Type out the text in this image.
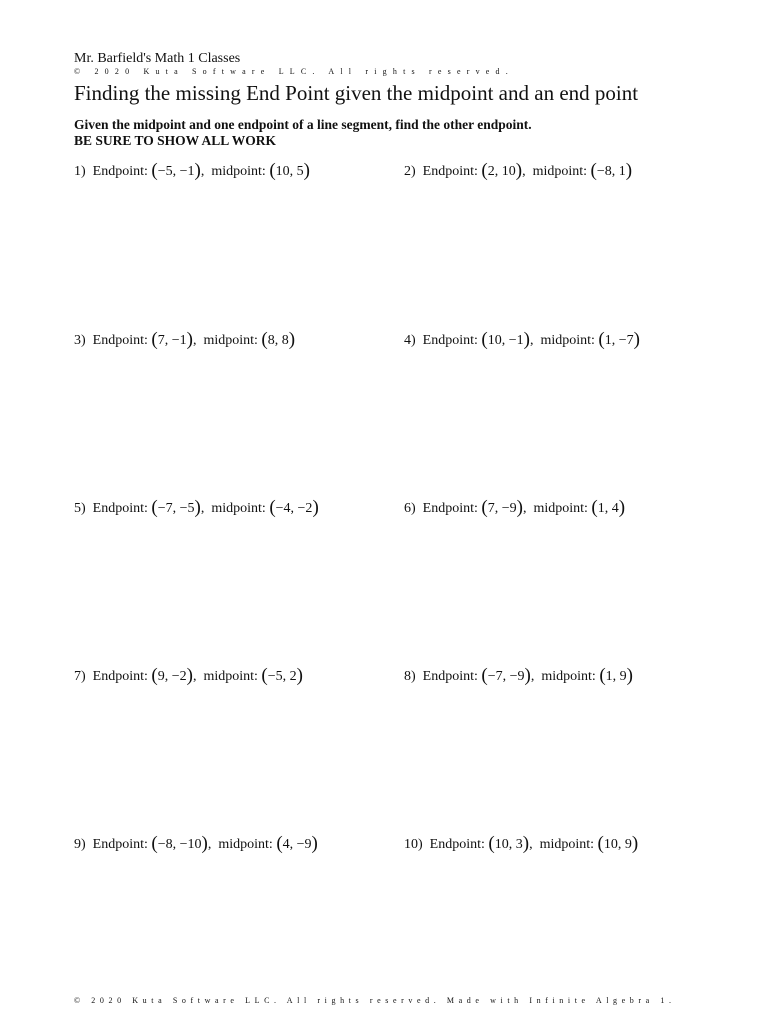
Mr. Barfield's Math 1 Classes
© 2020 Kuta Software LLC. All rights reserved.
Finding the missing End Point given the midpoint and an end point
Given the midpoint and one endpoint of a line segment, find the other endpoint.
BE SURE TO SHOW ALL WORK
1) Endpoint: (−5, −1),  midpoint: (10, 5)	2) Endpoint: (2, 10),  midpoint: (−8, 1)
3) Endpoint: (7, −1),  midpoint: (8, 8)	4) Endpoint: (10, −1),  midpoint: (1, −7)
5) Endpoint: (−7, −5),  midpoint: (−4, −2)	6) Endpoint: (7, −9),  midpoint: (1, 4)
7) Endpoint: (9, −2),  midpoint: (−5, 2)	8) Endpoint: (−7, −9),  midpoint: (1, 9)
9) Endpoint: (−8, −10),  midpoint: (4, −9)	10) Endpoint: (10, 3),  midpoint: (10, 9)
© 2020 Kuta Software LLC. All rights reserved. Made with Infinite Algebra 1.
